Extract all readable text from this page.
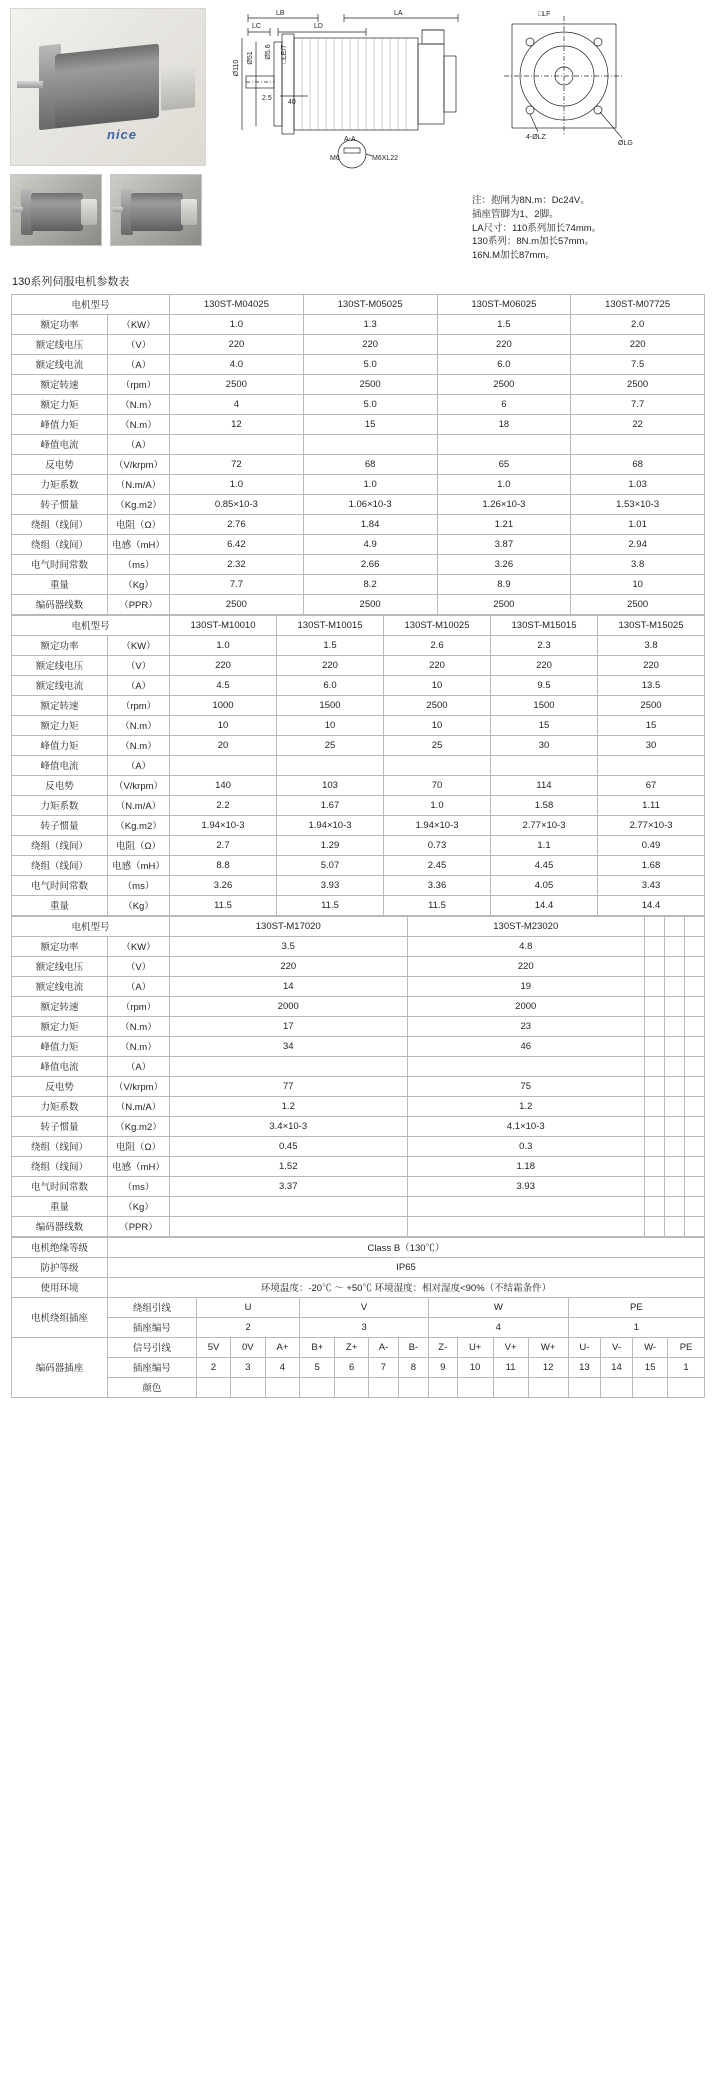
nice
LB	LA
LC	LD
□LF
ØLG
4-ØLZ
Ø110
Ø51 Ø5.6 □LE/7
2.5
40
A-A
M6	M6XL22
注：抱闸为8N.m：Dc24V。
插座管脚为1、2脚。
LA尺寸：110系列加长74mm。
130系列：8N.m加长57mm。
16N.M加长87mm。
130系列伺服电机参数表
电机型号		130ST-M04025	130ST-M05025	130ST-M06025	130ST-M07725
额定功率	（KW）	1.0	1.3	1.5	2.0
额定线电压	（V）	220	220	220	220
额定线电流	（A）	4.0	5.0	6.0	7.5
额定转速	（rpm）	2500	2500	2500	2500
额定力矩	（N.m）	4	5.0	6	7.7
峰值力矩	（N.m）	12	15	18	22
峰值电流	（A）				
反电势	（V/krpm）	72	68	65	68
力矩系数	（N.m/A）	1.0	1.0	1.0	1.03
转子惯量	（Kg.m2）	0.85×10-3	1.06×10-3	1.26×10-3	1.53×10-3
绕组（线间）	电阻（Ω）	2.76	1.84	1.21	1.01
绕组（线间）	电感（mH）	6.42	4.9	3.87	2.94
电气时间常数	（ms）	2.32	2.66	3.26	3.8
重量	（Kg）	7.7	8.2	8.9	10
编码器线数	（PPR）	2500	2500	2500	2500
电机型号		130ST-M10010	130ST-M10015	130ST-M10025	130ST-M15015	130ST-M15025
额定功率	（KW）	1.0	1.5	2.6	2.3	3.8
额定线电压	（V）	220	220	220	220	220
额定线电流	（A）	4.5	6.0	10	9.5	13.5
额定转速	（rpm）	1000	1500	2500	1500	2500
额定力矩	（N.m）	10	10	10	15	15
峰值力矩	（N.m）	20	25	25	30	30
峰值电流	（A）					
反电势	（V/krpm）	140	103	70	114	67
力矩系数	（N.m/A）	2.2	1.67	1.0	1.58	1.11
转子惯量	（Kg.m2）	1.94×10-3	1.94×10-3	1.94×10-3	2.77×10-3	2.77×10-3
绕组（线间）	电阻（Ω）	2.7	1.29	0.73	1.1	0.49
绕组（线间）	电感（mH）	8.8	5.07	2.45	4.45	1.68
电气时间常数	（ms）	3.26	3.93	3.36	4.05	3.43
重量	（Kg）	11.5	11.5	11.5	14.4	14.4
电机型号		130ST-M17020	130ST-M23020			
额定功率	（KW）	3.5	4.8			
额定线电压	（V）	220	220			
额定线电流	（A）	14	19			
额定转速	（rpm）	2000	2000			
额定力矩	（N.m）	17	23			
峰值力矩	（N.m）	34	46			
峰值电流	（A）					
反电势	（V/krpm）	77	75			
力矩系数	（N.m/A）	1.2	1.2			
转子惯量	（Kg.m2）	3.4×10-3	4.1×10-3			
绕组（线间）	电阻（Ω）	0.45	0.3			
绕组（线间）	电感（mH）	1.52	1.18			
电气时间常数	（ms）	3.37	3.93			
重量	（Kg）					
编码器线数	（PPR）					
电机绝缘等级	Class B（130℃）															
防护等级	IP65															
使用环境	环境温度：-20℃ ～ +50℃ 环境湿度：相对湿度<90%（不结霜条件）															
电机绕组插座	绕组引线	U			V				W				PE			
	插座编号	2			3				4				1			
编码器插座	信号引线	5V	0V	A+	B+	Z+	A-	B-	Z-	U+	V+	W+	U-	V-	W-	PE
	插座编号	2	3	4	5	6	7	8	9	10	11	12	13	14	15	1
	颜色															
